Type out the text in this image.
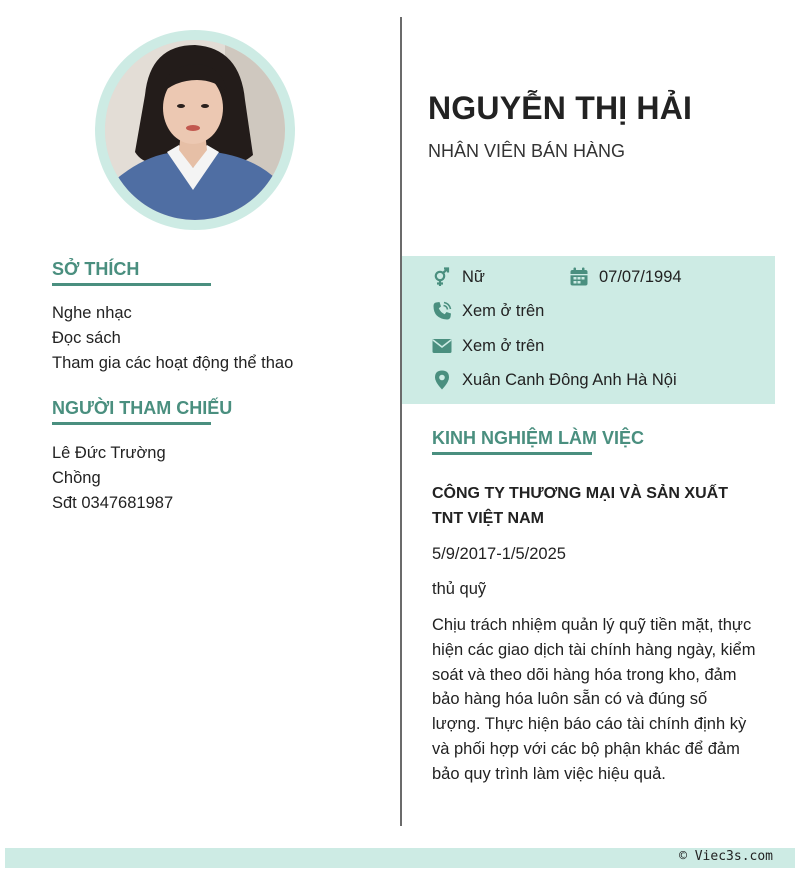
SỞ THÍCH
Nghe nhạc
Đọc sách
Tham gia các hoạt động thể thao
NGƯỜI THAM CHIẾU
Lê Đức Trường
Chồng
Sđt 0347681987
NGUYỄN THỊ HẢI
NHÂN VIÊN BÁN HÀNG
Nữ	07/07/1994
Xem ở trên
Xem ở trên
Xuân Canh Đông Anh Hà Nội
KINH NGHIỆM LÀM VIỆC
CÔNG TY THƯƠNG MẠI VÀ SẢN XUẤT TNT VIỆT NAM
5/9/2017-1/5/2025
thủ quỹ

Chịu trách nhiệm quản lý quỹ tiền mặt, thực hiện các giao dịch tài chính hàng ngày, kiểm soát và theo dõi hàng hóa trong kho, đảm bảo hàng hóa luôn sẵn có và đúng số lượng. Thực hiện báo cáo tài chính định kỳ và phối hợp với các bộ phận khác để đảm bảo quy trình làm việc hiệu quả.

© Viec3s.com
